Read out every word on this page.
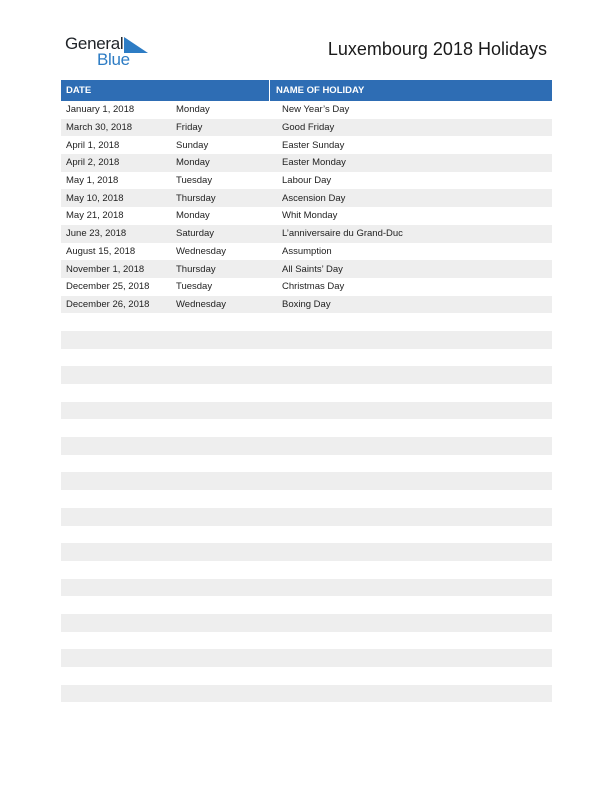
General
Blue
Luxembourg 2018 Holidays
DATE	NAME OF HOLIDAY
January 1, 2018	Monday	New Year’s Day
March 30, 2018	Friday	Good Friday
April 1, 2018	Sunday	Easter Sunday
April 2, 2018	Monday	Easter Monday
May 1, 2018	Tuesday	Labour Day
May 10, 2018	Thursday	Ascension Day
May 21, 2018	Monday	Whit Monday
June 23, 2018	Saturday	L’anniversaire du Grand-Duc
August 15, 2018	Wednesday	Assumption
November 1, 2018	Thursday	All Saints’ Day
December 25, 2018	Tuesday	Christmas Day
December 26, 2018	Wednesday	Boxing Day
